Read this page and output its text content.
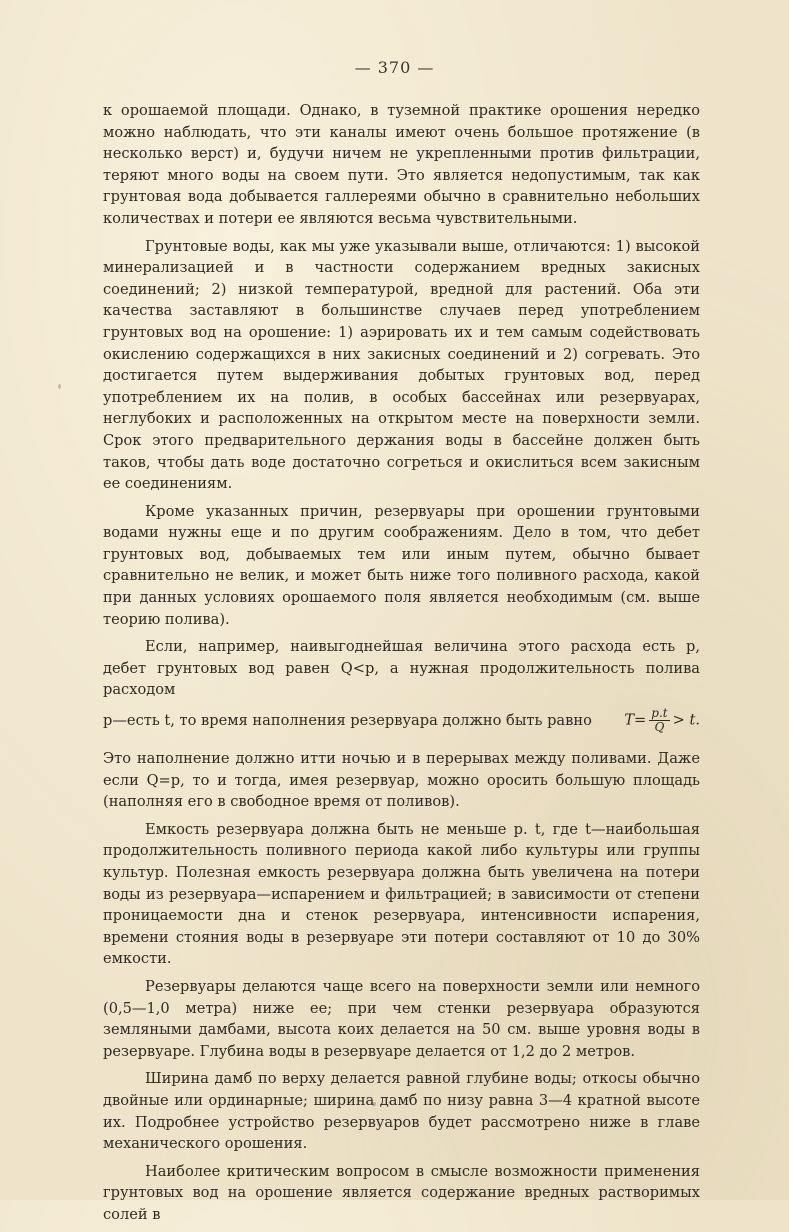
— 370 —

к орошаемой площади. Однако, в туземной практике орошения нередко можно наблюдать, что эти каналы имеют очень большое протяжение (в несколько верст) и, будучи ничем не укрепленными против фильтрации, теряют много воды на своем пути. Это является недопустимым, так как грунтовая вода добывается галлереями обычно в сравнительно небольших количествах и потери ее являются весьма чувствительными.

Грунтовые воды, как мы уже указывали выше, отличаются: 1) высокой минерализацией и в частности содержанием вредных закисных соединений; 2) низкой температурой, вредной для растений. Оба эти качества заставляют в большинстве случаев перед употреблением грунтовых вод на орошение: 1) аэрировать их и тем самым содействовать окислению содержащихся в них закисных соединений и 2) согревать. Это достигается путем выдерживания добытых грунтовых вод, перед употреблением их на полив, в особых бассейнах или резервуарах, неглубоких и расположенных на открытом месте на поверхности земли. Срок этого предварительного держания воды в бассейне должен быть таков, чтобы дать воде достаточно согреться и окислиться всем закисным ее соединениям.

Кроме указанных причин, резервуары при орошении грунтовыми водами нужны еще и по другим соображениям. Дело в том, что дебет грунтовых вод, добываемых тем или иным путем, обычно бывает сравнительно не велик, и может быть ниже того поливного расхода, какой при данных условиях орошаемого поля является необходимым (см. выше теорию полива).

Если, например, наивыгоднейшая величина этого расхода есть p, дебет грунтовых вод равен Q<p, а нужная продолжительность полива расходом

p—есть t, то время наполнения резервуара должно быть равно $T= \frac{p.t}{Q} > t$.

Это наполнение должно итти ночью и в перерывах между поливами. Даже если Q=p, то и тогда, имея резервуар, можно оросить большую площадь (наполняя его в свободное время от поливов).

Емкость резервуара должна быть не меньше p. t, где t—наибольшая продолжительность поливного периода какой либо культуры или группы культур. Полезная емкость резервуара должна быть увеличена на потери воды из резервуара—испарением и фильтрацией; в зависимости от степени проницаемости дна и стенок резервуара, интенсивности испарения, времени стояния воды в резервуаре эти потери составляют от 10 до 30% емкости.

Резервуары делаются чаще всего на поверхности земли или немного (0,5—1,0 метра) ниже ее; при чем стенки резервуара образуются земляными дамбами, высота коих делается на 50 см. выше уровня воды в резервуаре. Глубина воды в резервуаре делается от 1,2 до 2 метров.

Ширина дамб по верху делается равной глубине воды; откосы обычно двойные или ординарные; ширина дамб по низу равна 3—4 кратной высоте их. Подробнее устройство резервуаров будет рассмотрено ниже в главе механического орошения.

Наиболее критическим вопросом в смысле возможности применения грунтовых вод на орошение является содержание вредных растворимых солей в
